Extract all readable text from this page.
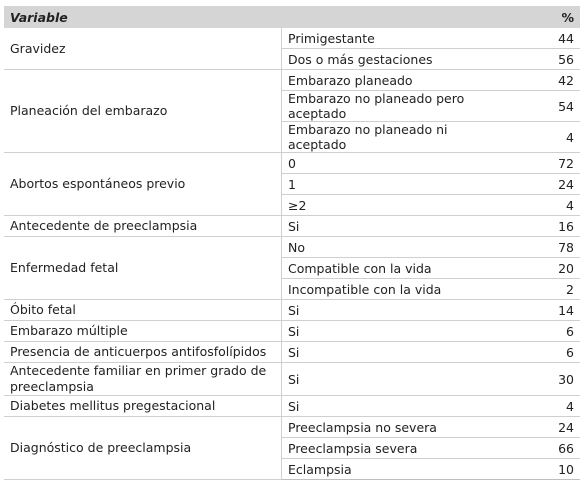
Variable		%
Gravidez	Primigestante	44
	Dos o más gestaciones	56
Planeación del embarazo	Embarazo planeado	42
	Embarazo no planeado pero aceptado	54
	Embarazo no planeado ni aceptado	4
Abortos espontáneos previo	0	72
	1	24
	≥2	4
Antecedente de preeclampsia	Si	16
Enfermedad fetal	No	78
	Compatible con la vida	20
	Incompatible con la vida	2
Óbito fetal	Si	14
Embarazo múltiple	Si	6
Presencia de anticuerpos antifosfolípidos	Si	6
Antecedente familiar en primer grado de preeclampsia	Si	30
Diabetes mellitus pregestacional	Si	4
Diagnóstico de preeclampsia	Preeclampsia no severa	24
	Preeclampsia severa	66
	Eclampsia	10
